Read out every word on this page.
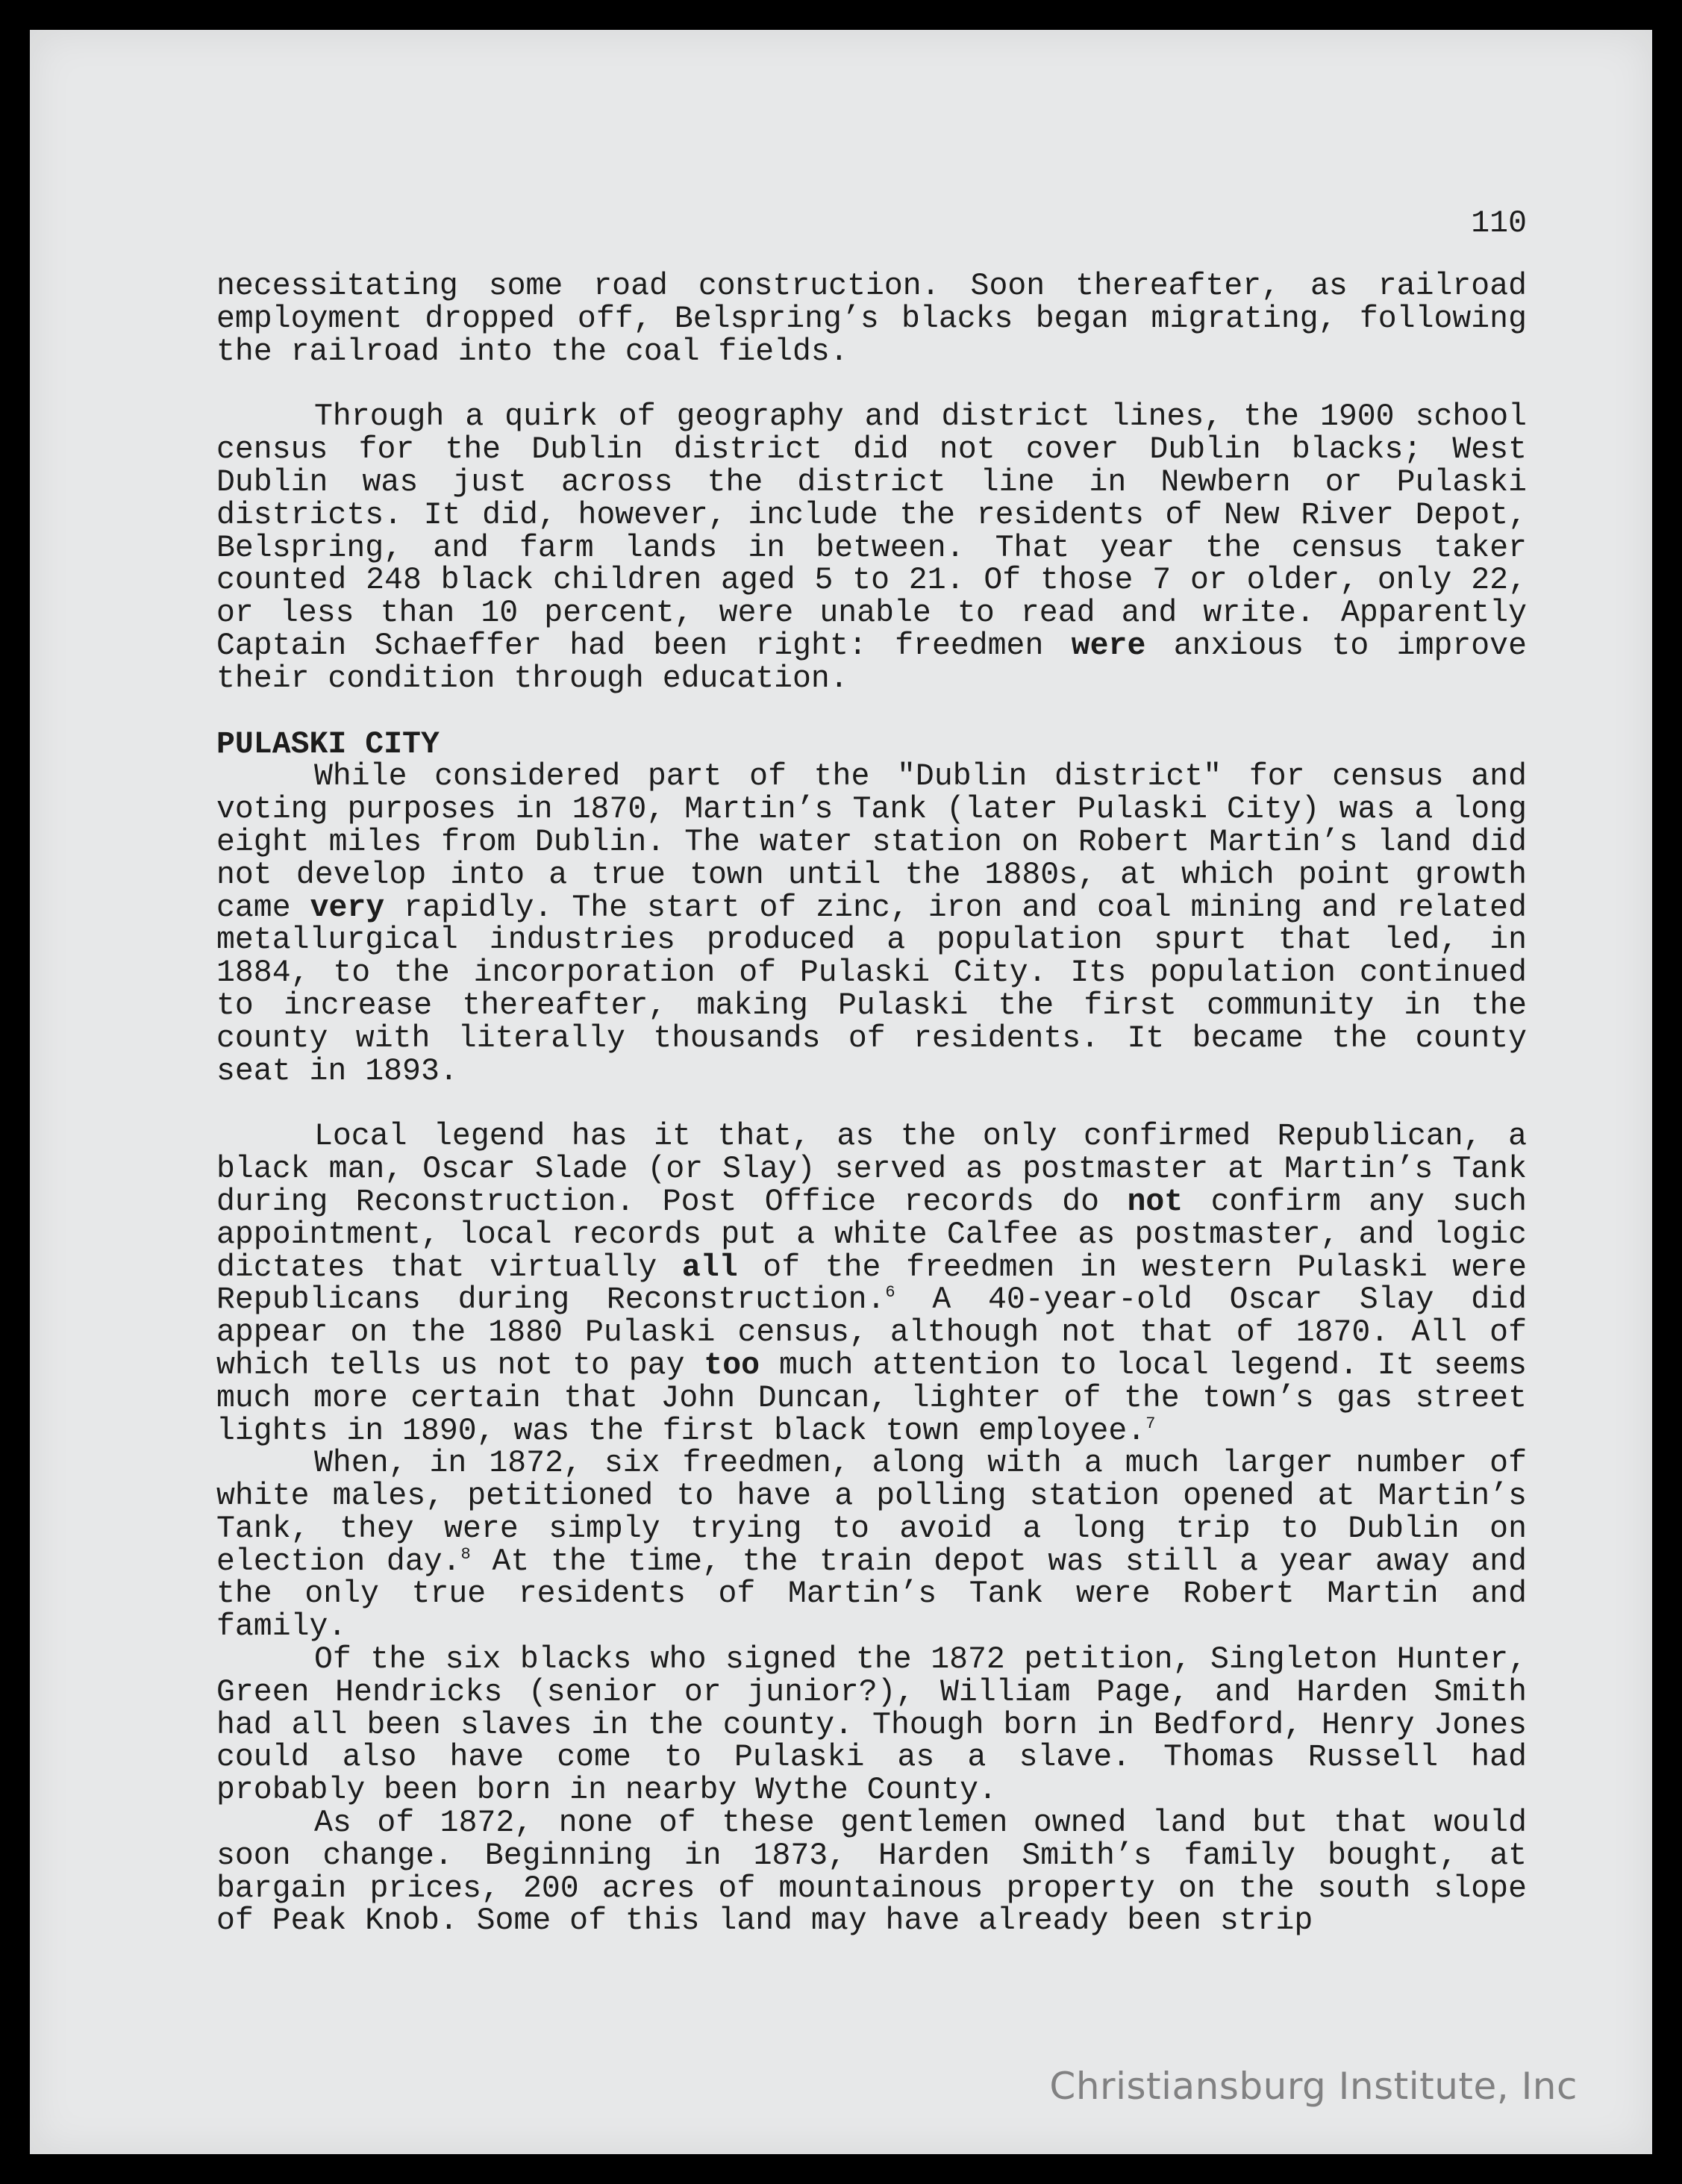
110

necessitating some road construction. Soon thereafter, as railroad employment dropped off, Belspring’s blacks began migrating, following the railroad into the coal fields.

Through a quirk of geography and district lines, the 1900 school census for the Dublin district did not cover Dublin blacks; West Dublin was just across the district line in Newbern or Pulaski districts. It did, however, include the residents of New River Depot, Belspring, and farm lands in between. That year the census taker counted 248 black children aged 5 to 21. Of those 7 or older, only 22, or less than 10 percent, were unable to read and write. Apparently Captain Schaeffer had been right: freedmen were anxious to improve their condition through education.

PULASKI CITY

While considered part of the "Dublin district" for census and voting purposes in 1870, Martin’s Tank (later Pulaski City) was a long eight miles from Dublin. The water station on Robert Martin’s land did not develop into a true town until the 1880s, at which point growth came very rapidly. The start of zinc, iron and coal mining and related metallurgical industries produced a population spurt that led, in 1884, to the incorporation of Pulaski City. Its population continued to increase thereafter, making Pulaski the first community in the county with literally thousands of residents. It became the county seat in 1893.

Local legend has it that, as the only confirmed Republican, a black man, Oscar Slade (or Slay) served as postmaster at Martin’s Tank during Reconstruction. Post Office records do not confirm any such appointment, local records put a white Calfee as postmaster, and logic dictates that virtually all of the freedmen in western Pulaski were Republicans during Reconstruction.$^6$ A 40-year-old Oscar Slay did appear on the 1880 Pulaski census, although not that of 1870. All of which tells us not to pay too much attention to local legend. It seems much more certain that John Duncan, lighter of the town’s gas street lights in 1890, was the first black town employee.$^7$

When, in 1872, six freedmen, along with a much larger number of white males, petitioned to have a polling station opened at Martin’s Tank, they were simply trying to avoid a long trip to Dublin on election day.$^8$ At the time, the train depot was still a year away and the only true residents of Martin’s Tank were Robert Martin and family.

Of the six blacks who signed the 1872 petition, Singleton Hunter, Green Hendricks (senior or junior?), William Page, and Harden Smith had all been slaves in the county. Though born in Bedford, Henry Jones could also have come to Pulaski as a slave. Thomas Russell had probably been born in nearby Wythe County.

As of 1872, none of these gentlemen owned land but that would soon change. Beginning in 1873, Harden Smith’s family bought, at bargain prices, 200 acres of mountainous property on the south slope of Peak Knob. Some of this land may have already been strip

Christiansburg Institute, Inc
